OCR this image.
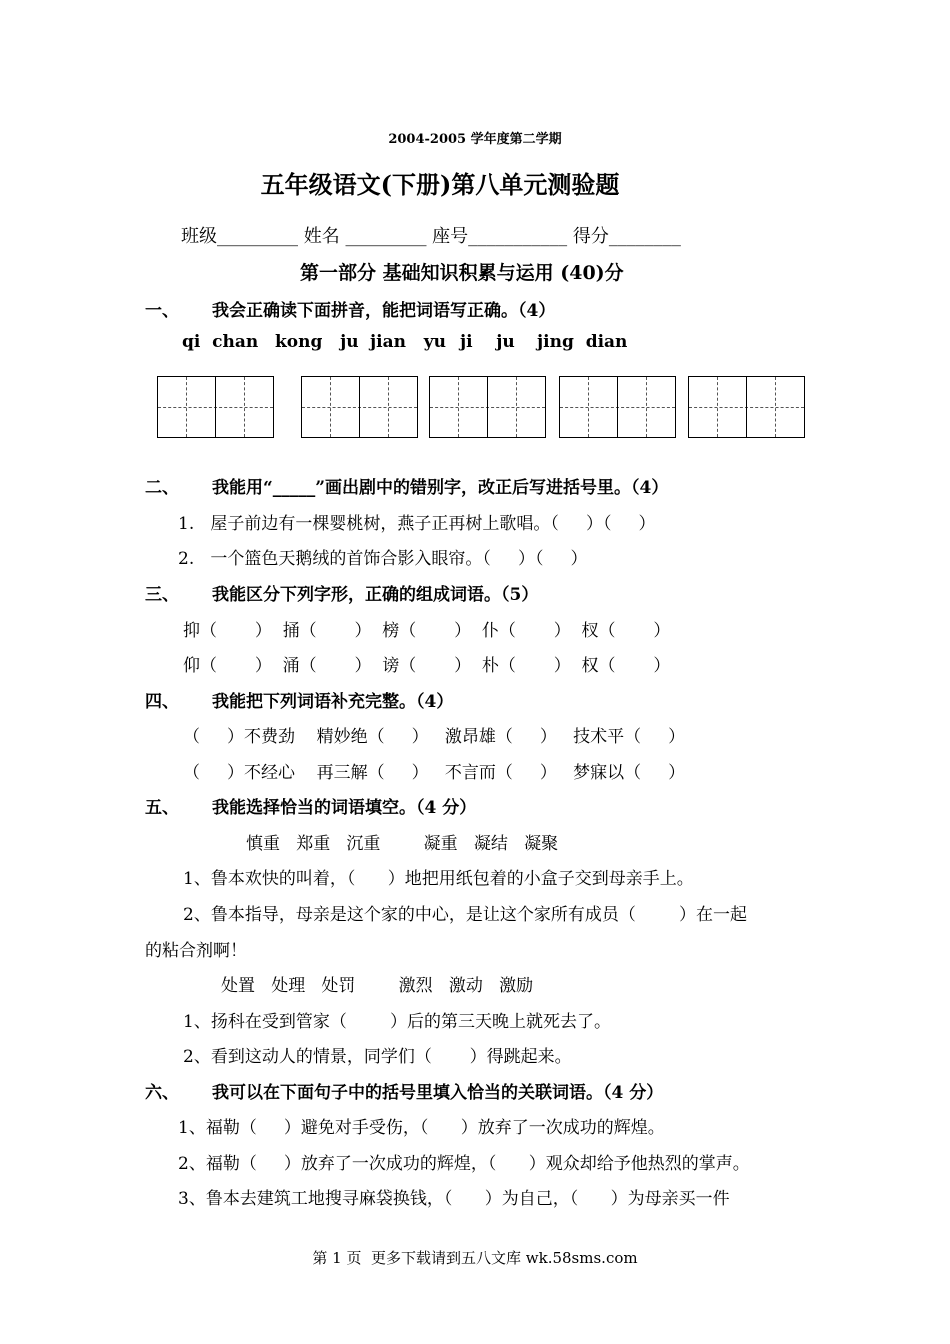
2004-2005 学年度第二学期
五年级语文(下册)第八单元测验题
班级_________ 姓名 _________ 座号___________ 得分________
第一部分 基础知识积累与运用 (40)分
一、 我会正确读下面拼音，能把词语写正确。（4）
qi  chan kong   ju jian   yu ji    ju jing  dian
二、 我能用“_____”画出剧中的错别字，改正后写进括号里。（4）
1.   屋子前边有一棵婴桃树，燕子正再树上歌唱。（     ）（     ）
2.   一个篮色天鹅绒的首饰合影入眼帘。（     ）（     ）
三、 我能区分下列字形，正确的组成词语。（5）
抑（       ）  捅（       ）  榜（       ）  仆（       ）  杈（       ）
仰（       ）  涌（       ）  谤（       ）  朴（       ）  权（       ）
四、 我能把下列词语补充完整。（4）
（     ）不费劲    精妙绝（     ）   激昂雄（     ）   技术平（     ）
（     ）不经心    再三解（     ）   不言而（     ）   梦寐以（     ）
五、 我能选择恰当的词语填空。（4 分）
慎重   郑重   沉重        凝重   凝结   凝聚
1、鲁本欢快的叫着，（      ）地把用纸包着的小盒子交到母亲手上。
2、鲁本指导，母亲是这个家的中心，是让这个家所有成员（        ）在一起
的粘合剂啊！
处置   处理   处罚        激烈   激动   激励
1、扬科在受到管家（        ）后的第三天晚上就死去了。
2、看到这动人的情景，同学们（       ）得跳起来。
六、 我可以在下面句子中的括号里填入恰当的关联词语。（4 分）
1、福勒（     ）避免对手受伤，（      ）放弃了一次成功的辉煌。
2、福勒（     ）放弃了一次成功的辉煌，（      ）观众却给予他热烈的掌声。
3、鲁本去建筑工地搜寻麻袋换钱，（      ）为自己，（      ）为母亲买一件
第 1 页  更多下载请到五八文库 wk.58sms.com
